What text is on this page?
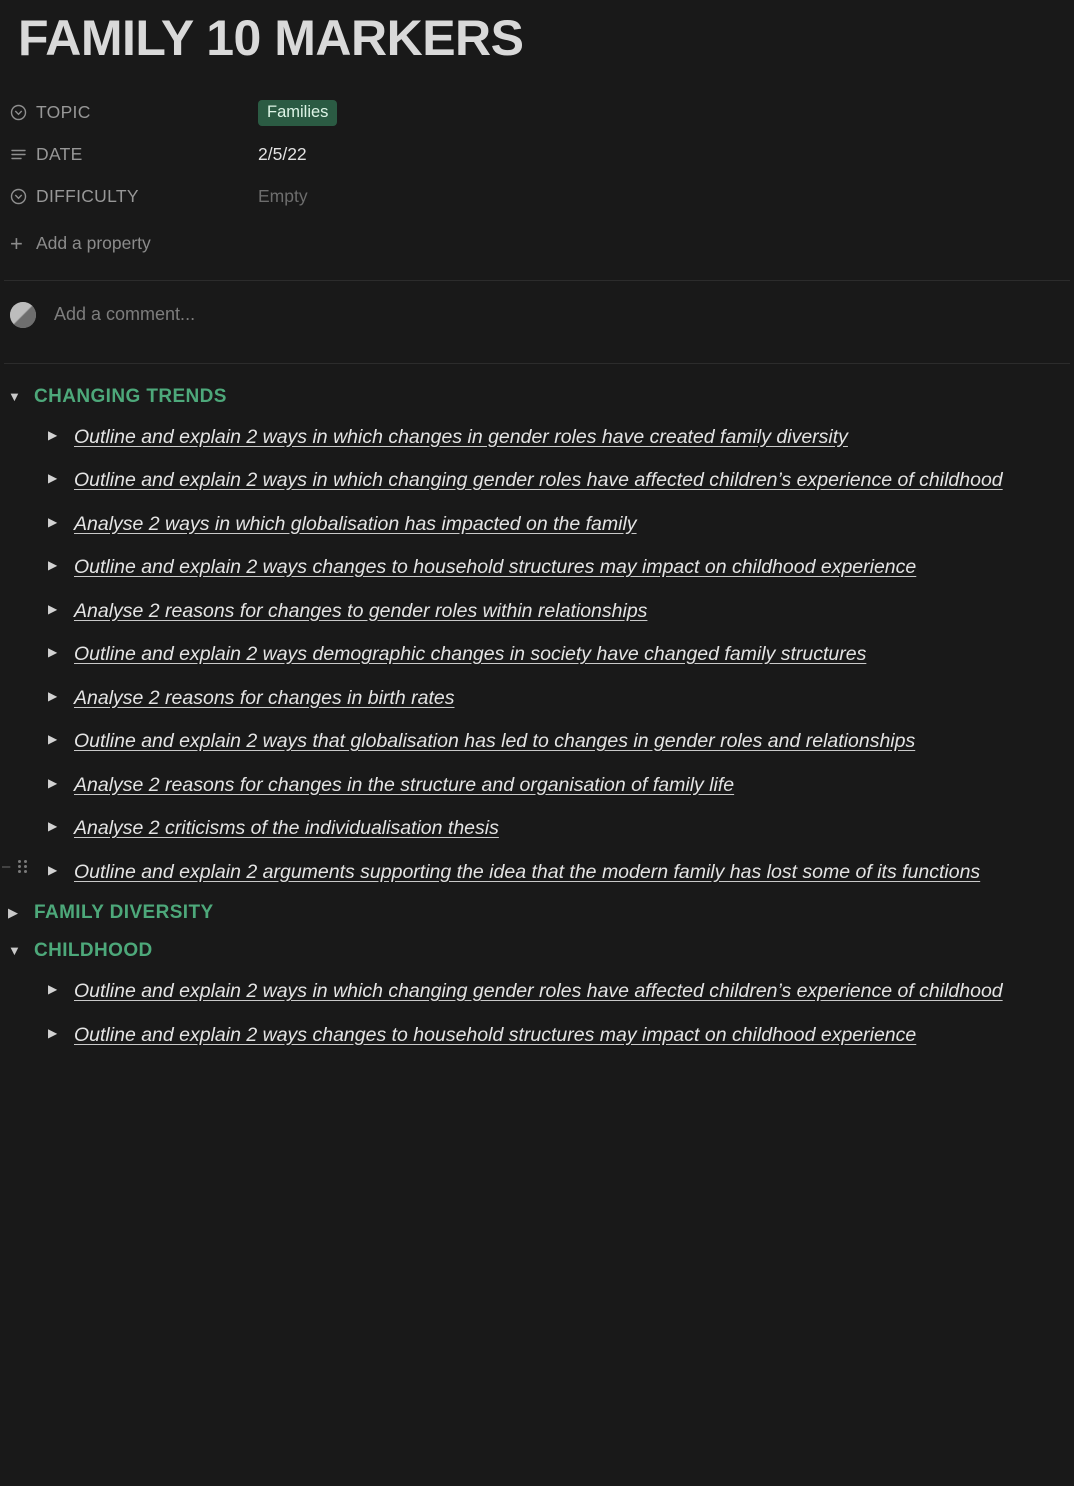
FAMILY 10 MARKERS
TOPIC	Families
DATE	2/5/22
DIFFICULTY	Empty
+ Add a property
Add a comment...
▼ CHANGING TRENDS
▶ Outline and explain 2 ways in which changes in gender roles have created family diversity
▶ Outline and explain 2 ways in which changing gender roles have affected children’s experience of childhood
▶ Analyse 2 ways in which globalisation has impacted on the family
▶ Outline and explain 2 ways changes to household structures may impact on childhood experience
▶ Analyse 2 reasons for changes to gender roles within relationships
▶ Outline and explain 2 ways demographic changes in society have changed family structures
▶ Analyse 2 reasons for changes in birth rates
▶ Outline and explain 2 ways that globalisation has led to changes in gender roles and relationships
▶ Analyse 2 reasons for changes in the structure and organisation of family life
▶ Analyse 2 criticisms of the individualisation thesis
–	▶ Outline and explain 2 arguments supporting the idea that the modern family has lost some of its functions
▶ FAMILY DIVERSITY
▼ CHILDHOOD
▶ Outline and explain 2 ways in which changing gender roles have affected children’s experience of childhood
▶ Outline and explain 2 ways changes to household structures may impact on childhood experience
